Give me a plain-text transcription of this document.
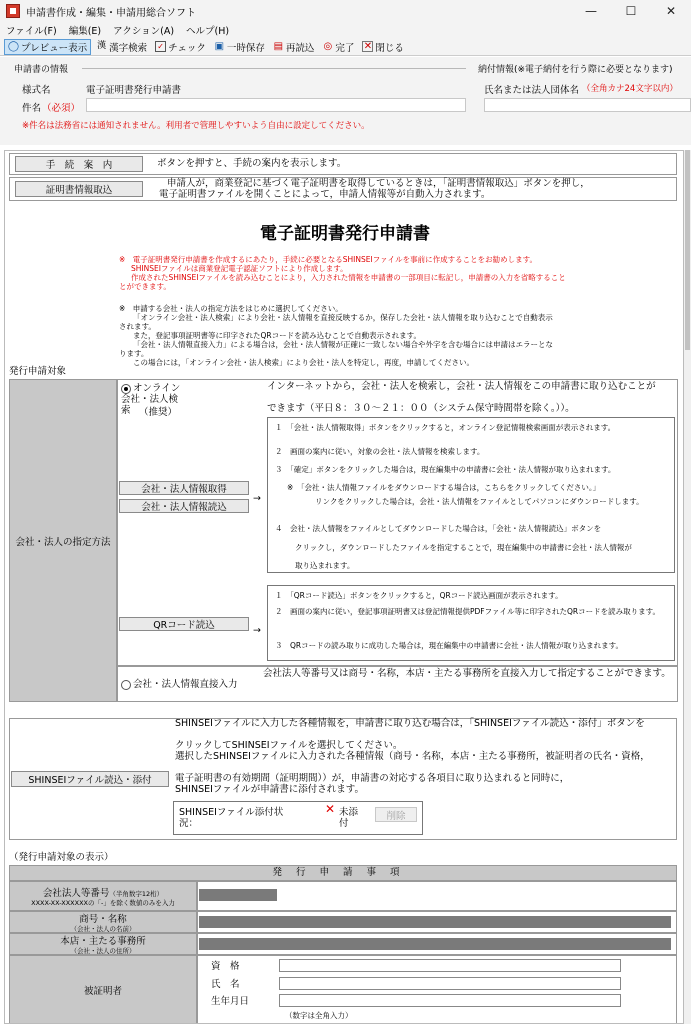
申請書作成・編集・申請用総合ソフト	—	☐	✕
ファイル(F) 編集(E) アクション(A) ヘルプ(H)
◯ プレビュー表示 漢 漢字検索 ✓ チェック ▣ 一時保存 ▤ 再読込 ◎ 完了 ✕ 閉じる
申請書の情報
様式名	電子証明書発行申請書
件名 （必須）
※件名は法務省には通知されません。利用者で管理しやすいよう自由に設定してください。
納付情報(※電子納付を行う際に必要となります)
氏名または法人団体名 （全角カナ24文字以内）
手　続　案　内	ボタンを押すと、手続の案内を表示します。
証明書情報取込
申請人が，商業登記に基づく電子証明書を取得しているときは，「証明書情報取込」ボタンを押し，
電子証明書ファイルを開くことによって，申請人情報等が自動入力されます。
電子証明書発行申請書
※　電子証明書発行申請書を作成するにあたり，手続に必要となるSHINSEIファイルを事前に作成することをお勧めします。
SHINSEIファイルは商業登記電子認証ソフトにより作成します。
作成されたSHINSEIファイルを読み込むことにより，入力された情報を申請書の一部項目に転記し，申請書の入力を省略すること
とができます。
※　申請する会社・法人の指定方法をはじめに選択してください。
「オンライン会社・法人検索」により会社・法人情報を直接反映するか，保存した会社・法人情報を取り込むことで自動表示
されます。
また，登記事項証明書等に印字されたQRコードを読み込むことで自動表示されます。
「会社・法人情報直接入力」による場合は，会社・法人情報が正確に一致しない場合や外字を含む場合には申請はエラーとな
ります。
この場合には，「オンライン会社・法人検索」により会社・法人を特定し，再度，申請してください。
発行申請対象
会社・法人の指定方法
オンライン会社・法人検索 （推奨）
インターネットから，会社・法人を検索し，会社・法人情報をこの申請書に取り込むことが
できます（平日８：３０～２１：００（システム保守時間帯を除く。））。
会社・法人情報取得
会社・法人情報読込
→
１　「会社・法人情報取得」ボタンをクリックすると，オンライン登記情報検索画面が表示されます。
２　画面の案内に従い，対象の会社・法人情報を検索します。
３　「確定」ボタンをクリックした場合は，現在編集中の申請書に会社・法人情報が取り込まれます。
※　「会社・法人情報ファイルをダウンロードする場合は，こちらをクリックしてください。」
リンクをクリックした場合は，会社・法人情報をファイルとしてパソコンにダウンロードします。
４　会社・法人情報をファイルとしてダウンロードした場合は，「会社・法人情報読込」ボタンを
クリックし，ダウンロードしたファイルを指定することで，現在編集中の申請書に会社・法人情報が
取り込まれます。
QRコード読込	→
１　「QRコード読込」ボタンをクリックすると，QRコード読込画面が表示されます。
２　画面の案内に従い，登記事項証明書又は登記情報提供PDFファイル等に印字されたQRコードを読み取ります。
３　QRコードの読み取りに成功した場合は，現在編集中の申請書に会社・法人情報が取り込まれます。
会社・法人情報直接入力
会社法人等番号又は商号・名称，本店・主たる事務所を直接入力して指定することができます。
SHINSEIファイル読込・添付
SHINSEIファイルに入力した各種情報を，申請書に取り込む場合は，「SHINSEIファイル読込・添付」ボタンを
クリックしてSHINSEIファイルを選択してください。
選択したSHINSEIファイルに入力された各種情報（商号・名称，本店・主たる事務所，被証明者の氏名・資格，
電子証明書の有効期間（証明期間））が，申請書の対応する各項目に取り込まれると同時に，
SHINSEIファイルが申請書に添付されます。
SHINSEIファイル添付状況：
✕ 未添付
削除
（発行申請対象の表示）
発行申請事項
会社法人等番号（半角数字12桁）
XXXX-XX-XXXXXXの「-」を除く数値のみを入力
商号・名称
（会社・法人の名前）
本店・主たる事務所
（会社・法人の住所）
被証明者
資　格
氏　名
生年月日
（数字は全角入力）
